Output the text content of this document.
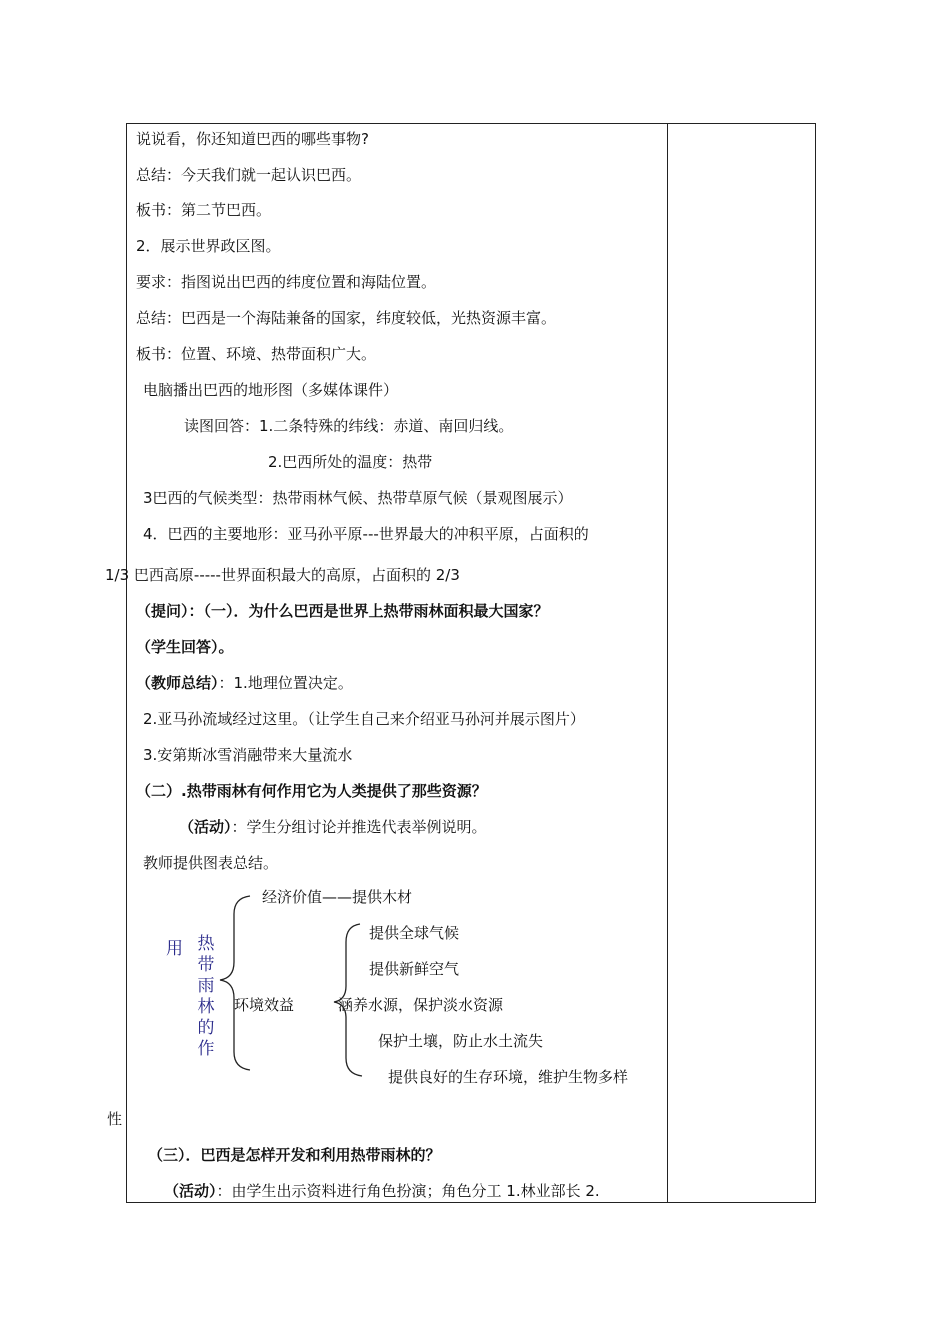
说说看，你还知道巴西的哪些事物?
总结：今天我们就一起认识巴西。
板书：第二节巴西。
2．展示世界政区图。
要求：指图说出巴西的纬度位置和海陆位置。
总结：巴西是一个海陆兼备的国家，纬度较低，光热资源丰富。
板书：位置、环境、热带面积广大。
电脑播出巴西的地形图（多媒体课件）
读图回答：1.二条特殊的纬线：赤道、南回归线。
2.巴西所处的温度：热带
3巴西的气候类型：热带雨林气候、热带草原气候（景观图展示）
4．巴西的主要地形：亚马孙平原---世界最大的冲积平原，占面积的
1/3 巴西高原-----世界面积最大的高原，占面积的 2/3
（提问）：（一）．为什么巴西是世界上热带雨林面积最大国家？
（学生回答）。
（教师总结）：1.地理位置决定。
2.亚马孙流域经过这里。（让学生自己来介绍亚马孙河并展示图片）
3.安第斯冰雪消融带来大量流水
（二）.热带雨林有何作用它为人类提供了那些资源？
（活动）：学生分组讨论并推选代表举例说明。
教师提供图表总结。
用 热带雨林的作
经济价值——提供木材
环境效益
提供全球气候
提供新鲜空气
涵养水源，保护淡水资源
保护土壤，防止水土流失
提供良好的生存环境，维护生物多样
性
（三）．巴西是怎样开发和利用热带雨林的？
（活动）：由学生出示资料进行角色扮演；角色分工 1.林业部长 2.
